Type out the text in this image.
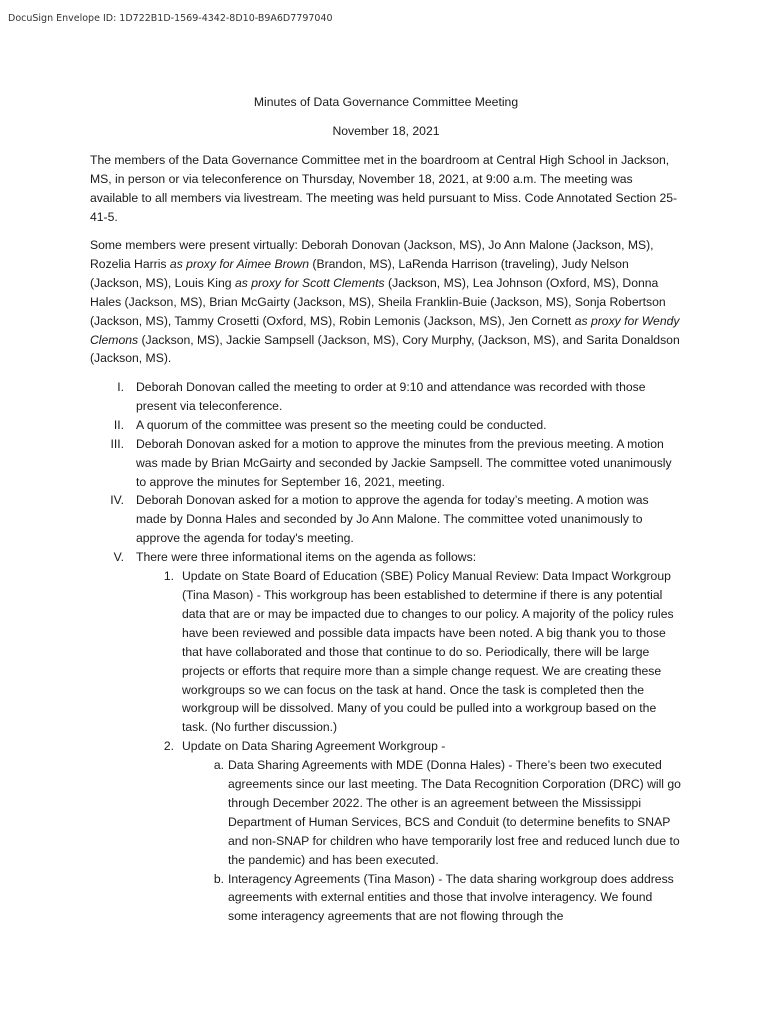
DocuSign Envelope ID: 1D722B1D-1569-4342-8D10-B9A6D7797040
Minutes of Data Governance Committee Meeting
November 18, 2021

The members of the Data Governance Committee met in the boardroom at Central High School in Jackson, MS, in person or via teleconference on Thursday, November 18, 2021, at 9:00 a.m. The meeting was available to all members via livestream. The meeting was held pursuant to Miss. Code Annotated Section 25-41-5.

Some members were present virtually: Deborah Donovan (Jackson, MS), Jo Ann Malone (Jackson, MS), Rozelia Harris as proxy for Aimee Brown (Brandon, MS), LaRenda Harrison (traveling), Judy Nelson (Jackson, MS), Louis King as proxy for Scott Clements (Jackson, MS), Lea Johnson (Oxford, MS), Donna Hales (Jackson, MS), Brian McGairty (Jackson, MS), Sheila Franklin-Buie (Jackson, MS), Sonja Robertson (Jackson, MS), Tammy Crosetti (Oxford, MS), Robin Lemonis (Jackson, MS), Jen Cornett as proxy for Wendy Clemons (Jackson, MS), Jackie Sampsell (Jackson, MS), Cory Murphy, (Jackson, MS), and Sarita Donaldson (Jackson, MS).

I. Deborah Donovan called the meeting to order at 9:10 and attendance was recorded with those present via teleconference.
II. A quorum of the committee was present so the meeting could be conducted.
III. Deborah Donovan asked for a motion to approve the minutes from the previous meeting. A motion was made by Brian McGairty and seconded by Jackie Sampsell. The committee voted unanimously to approve the minutes for September 16, 2021, meeting.
IV. Deborah Donovan asked for a motion to approve the agenda for today’s meeting. A motion was made by Donna Hales and seconded by Jo Ann Malone. The committee voted unanimously to approve the agenda for today's meeting.
V. There were three informational items on the agenda as follows:
1. Update on State Board of Education (SBE) Policy Manual Review: Data Impact Workgroup (Tina Mason) - This workgroup has been established to determine if there is any potential data that are or may be impacted due to changes to our policy. A majority of the policy rules have been reviewed and possible data impacts have been noted. A big thank you to those that have collaborated and those that continue to do so. Periodically, there will be large projects or efforts that require more than a simple change request. We are creating these workgroups so we can focus on the task at hand. Once the task is completed then the workgroup will be dissolved. Many of you could be pulled into a workgroup based on the task. (No further discussion.)
2. Update on Data Sharing Agreement Workgroup -
a. Data Sharing Agreements with MDE (Donna Hales) - There’s been two executed agreements since our last meeting. The Data Recognition Corporation (DRC) will go through December 2022. The other is an agreement between the Mississippi Department of Human Services, BCS and Conduit (to determine benefits to SNAP and non-SNAP for children who have temporarily lost free and reduced lunch due to the pandemic) and has been executed.
b. Interagency Agreements (Tina Mason) - The data sharing workgroup does address agreements with external entities and those that involve interagency. We found some interagency agreements that are not flowing through the
